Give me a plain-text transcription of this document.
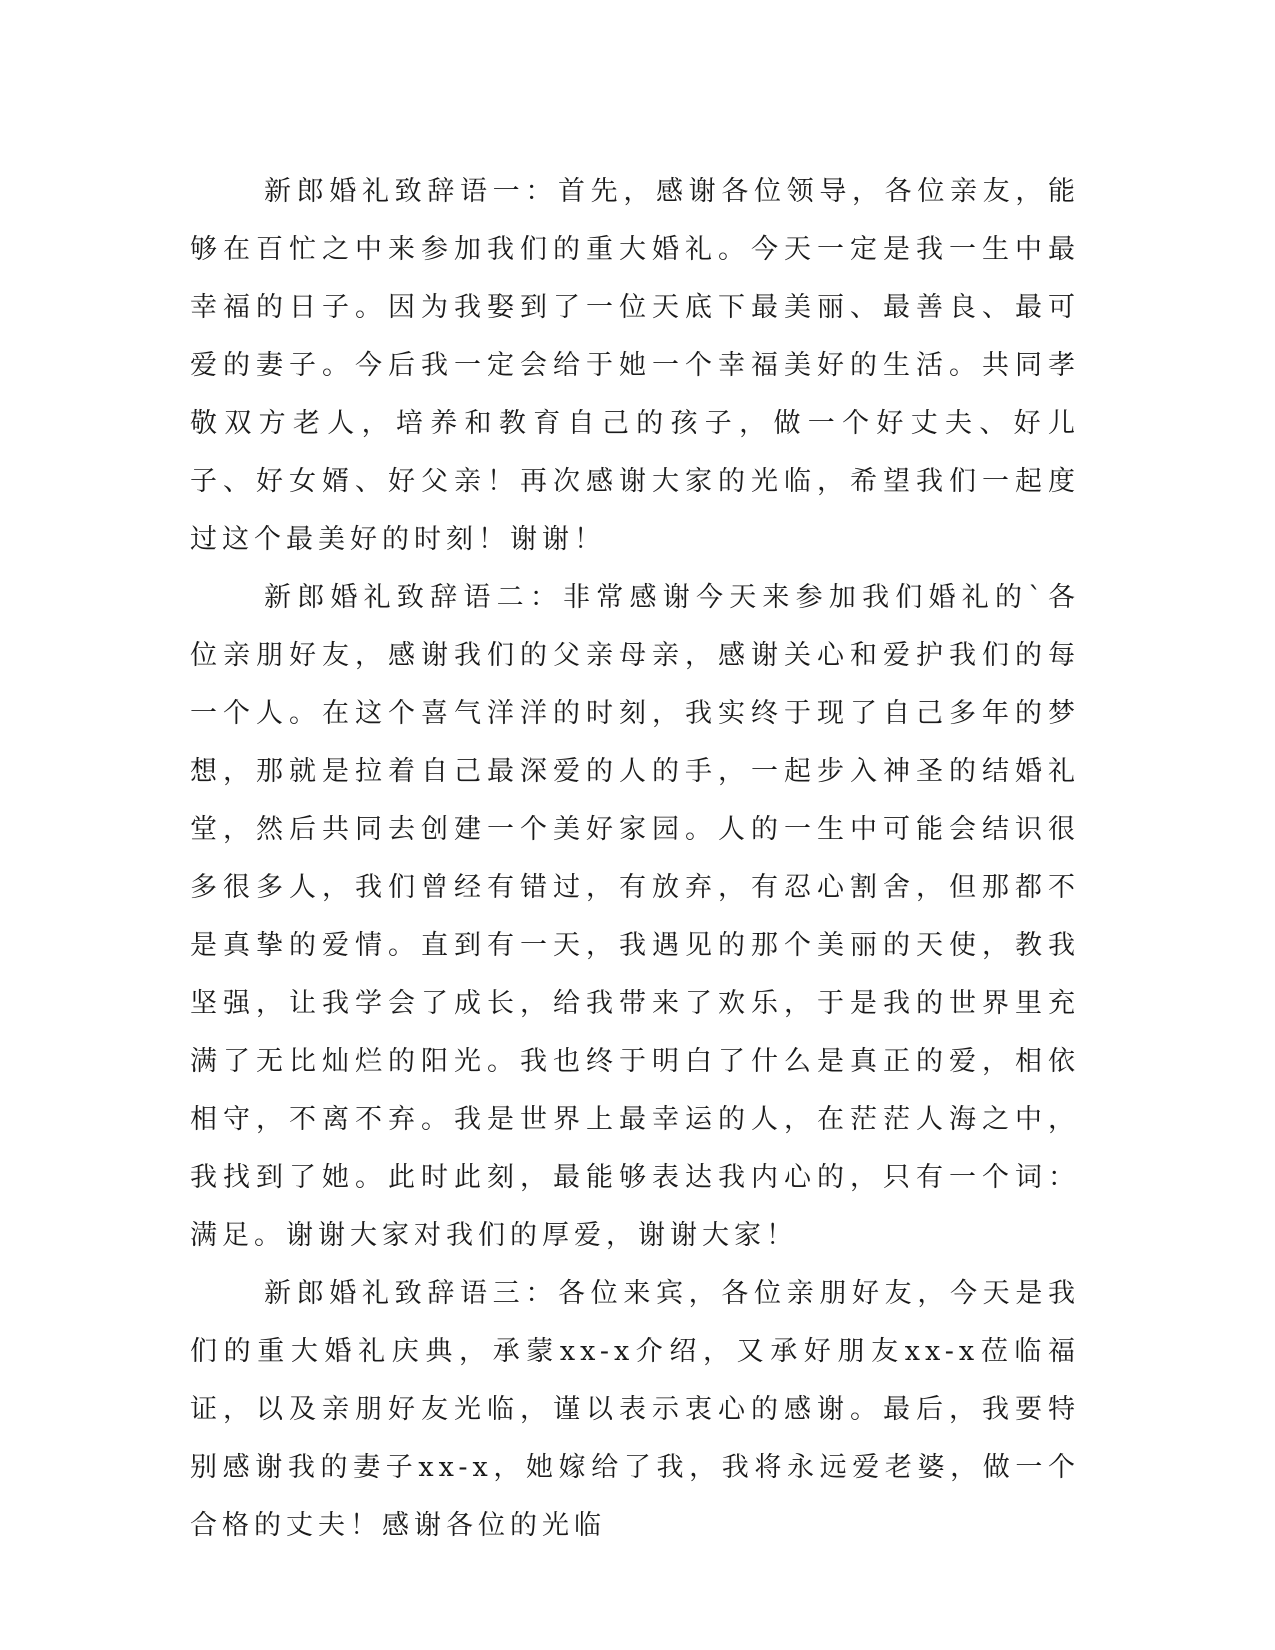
新郎婚礼致辞语一：首先，感谢各位领导，各位亲友，能够在百忙之中来参加我们的重大婚礼。今天一定是我一生中最幸福的日子。因为我娶到了一位天底下最美丽、最善良、最可爱的妻子。今后我一定会给于她一个幸福美好的生活。共同孝敬双方老人，培养和教育自己的孩子，做一个好丈夫、好儿子、好女婿、好父亲！再次感谢大家的光临，希望我们一起度过这个最美好的时刻！谢谢！

新郎婚礼致辞语二：非常感谢今天来参加我们婚礼的`各位亲朋好友，感谢我们的父亲母亲，感谢关心和爱护我们的每一个人。在这个喜气洋洋的时刻，我实终于现了自己多年的梦想，那就是拉着自己最深爱的人的手，一起步入神圣的结婚礼堂，然后共同去创建一个美好家园。人的一生中可能会结识很多很多人，我们曾经有错过，有放弃，有忍心割舍，但那都不是真挚的爱情。直到有一天，我遇见的那个美丽的天使，教我坚强，让我学会了成长，给我带来了欢乐，于是我的世界里充满了无比灿烂的阳光。我也终于明白了什么是真正的爱，相依相守，不离不弃。我是世界上最幸运的人，在茫茫人海之中，我找到了她。此时此刻，最能够表达我内心的，只有一个词：满足。谢谢大家对我们的厚爱，谢谢大家！

新郎婚礼致辞语三：各位来宾，各位亲朋好友，今天是我们的重大婚礼庆典，承蒙xx-x介绍，又承好朋友xx-x莅临福证，以及亲朋好友光临，谨以表示衷心的感谢。最后，我要特别感谢我的妻子xx-x，她嫁给了我，我将永远爱老婆，做一个合格的丈夫！感谢各位的光临
